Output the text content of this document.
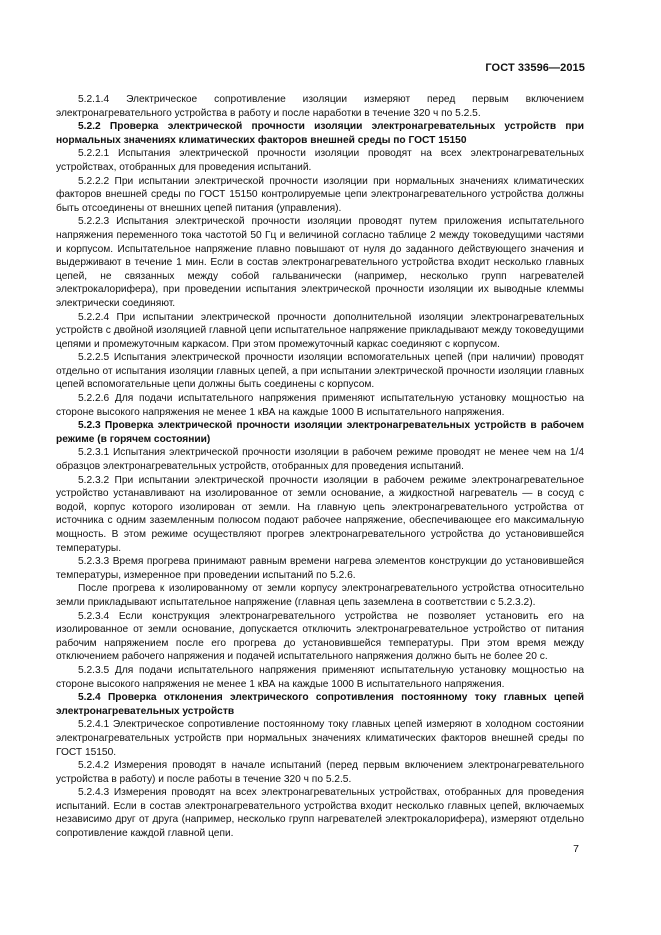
ГОСТ 33596—2015

5.2.1.4 Электрическое сопротивление изоляции измеряют перед первым включением электронагревательного устройства в работу и после наработки в течение 320 ч по 5.2.5.

5.2.2 Проверка электрической прочности изоляции электронагревательных устройств при нормальных значениях климатических факторов внешней среды по ГОСТ 15150

5.2.2.1 Испытания электрической прочности изоляции проводят на всех электронагревательных устройствах, отобранных для проведения испытаний.

5.2.2.2 При испытании электрической прочности изоляции при нормальных значениях климатических факторов внешней среды по ГОСТ 15150 контролируемые цепи электронагревательного устройства должны быть отсоединены от внешних цепей питания (управления).

5.2.2.3 Испытания электрической прочности изоляции проводят путем приложения испытательного напряжения переменного тока частотой 50 Гц и величиной согласно таблице 2 между токоведущими частями и корпусом. Испытательное напряжение плавно повышают от нуля до заданного действующего значения и выдерживают в течение 1 мин. Если в состав электронагревательного устройства входит несколько главных цепей, не связанных между собой гальванически (например, несколько групп нагревателей электрокалорифера), при проведении испытания электрической прочности изоляции их выводные клеммы электрически соединяют.

5.2.2.4 При испытании электрической прочности дополнительной изоляции электронагревательных устройств с двойной изоляцией главной цепи испытательное напряжение прикладывают между токоведущими цепями и промежуточным каркасом. При этом промежуточный каркас соединяют с корпусом.

5.2.2.5 Испытания электрической прочности изоляции вспомогательных цепей (при наличии) проводят отдельно от испытания изоляции главных цепей, а при испытании электрической прочности изоляции главных цепей вспомогательные цепи должны быть соединены с корпусом.

5.2.2.6 Для подачи испытательного напряжения применяют испытательную установку мощностью на стороне высокого напряжения не менее 1 кВА на каждые 1000 В испытательного напряжения.

5.2.3 Проверка электрической прочности изоляции электронагревательных устройств в рабочем режиме (в горячем состоянии)

5.2.3.1 Испытания электрической прочности изоляции в рабочем режиме проводят не менее чем на 1/4 образцов электронагревательных устройств, отобранных для проведения испытаний.

5.2.3.2 При испытании электрической прочности изоляции в рабочем режиме электронагревательное устройство устанавливают на изолированное от земли основание, а жидкостной нагреватель — в сосуд с водой, корпус которого изолирован от земли. На главную цепь электронагревательного устройства от источника с одним заземленным полюсом подают рабочее напряжение, обеспечивающее его максимальную мощность. В этом режиме осуществляют прогрев электронагревательного устройства до установившейся температуры.

5.2.3.3 Время прогрева принимают равным времени нагрева элементов конструкции до установившейся температуры, измеренное при проведении испытаний по 5.2.6.

После прогрева к изолированному от земли корпусу электронагревательного устройства относительно земли прикладывают испытательное напряжение (главная цепь заземлена в соответствии с 5.2.3.2).

5.2.3.4 Если конструкция электронагревательного устройства не позволяет установить его на изолированное от земли основание, допускается отключить электронагревательное устройство от питания рабочим напряжением после его прогрева до установившейся температуры. При этом время между отключением рабочего напряжения и подачей испытательного напряжения должно быть не более 20 с.

5.2.3.5 Для подачи испытательного напряжения применяют испытательную установку мощностью на стороне высокого напряжения не менее 1 кВА на каждые 1000 В испытательного напряжения.

5.2.4 Проверка отклонения электрического сопротивления постоянному току главных цепей электронагревательных устройств

5.2.4.1 Электрическое сопротивление постоянному току главных цепей измеряют в холодном состоянии электронагревательных устройств при нормальных значениях климатических факторов внешней среды по ГОСТ 15150.

5.2.4.2 Измерения проводят в начале испытаний (перед первым включением электронагревательного устройства в работу) и после работы в течение 320 ч по 5.2.5.

5.2.4.3 Измерения проводят на всех электронагревательных устройствах, отобранных для проведения испытаний. Если в состав электронагревательного устройства входит несколько главных цепей, включаемых независимо друг от друга (например, несколько групп нагревателей электрокалорифера), измеряют отдельно сопротивление каждой главной цепи.

7
